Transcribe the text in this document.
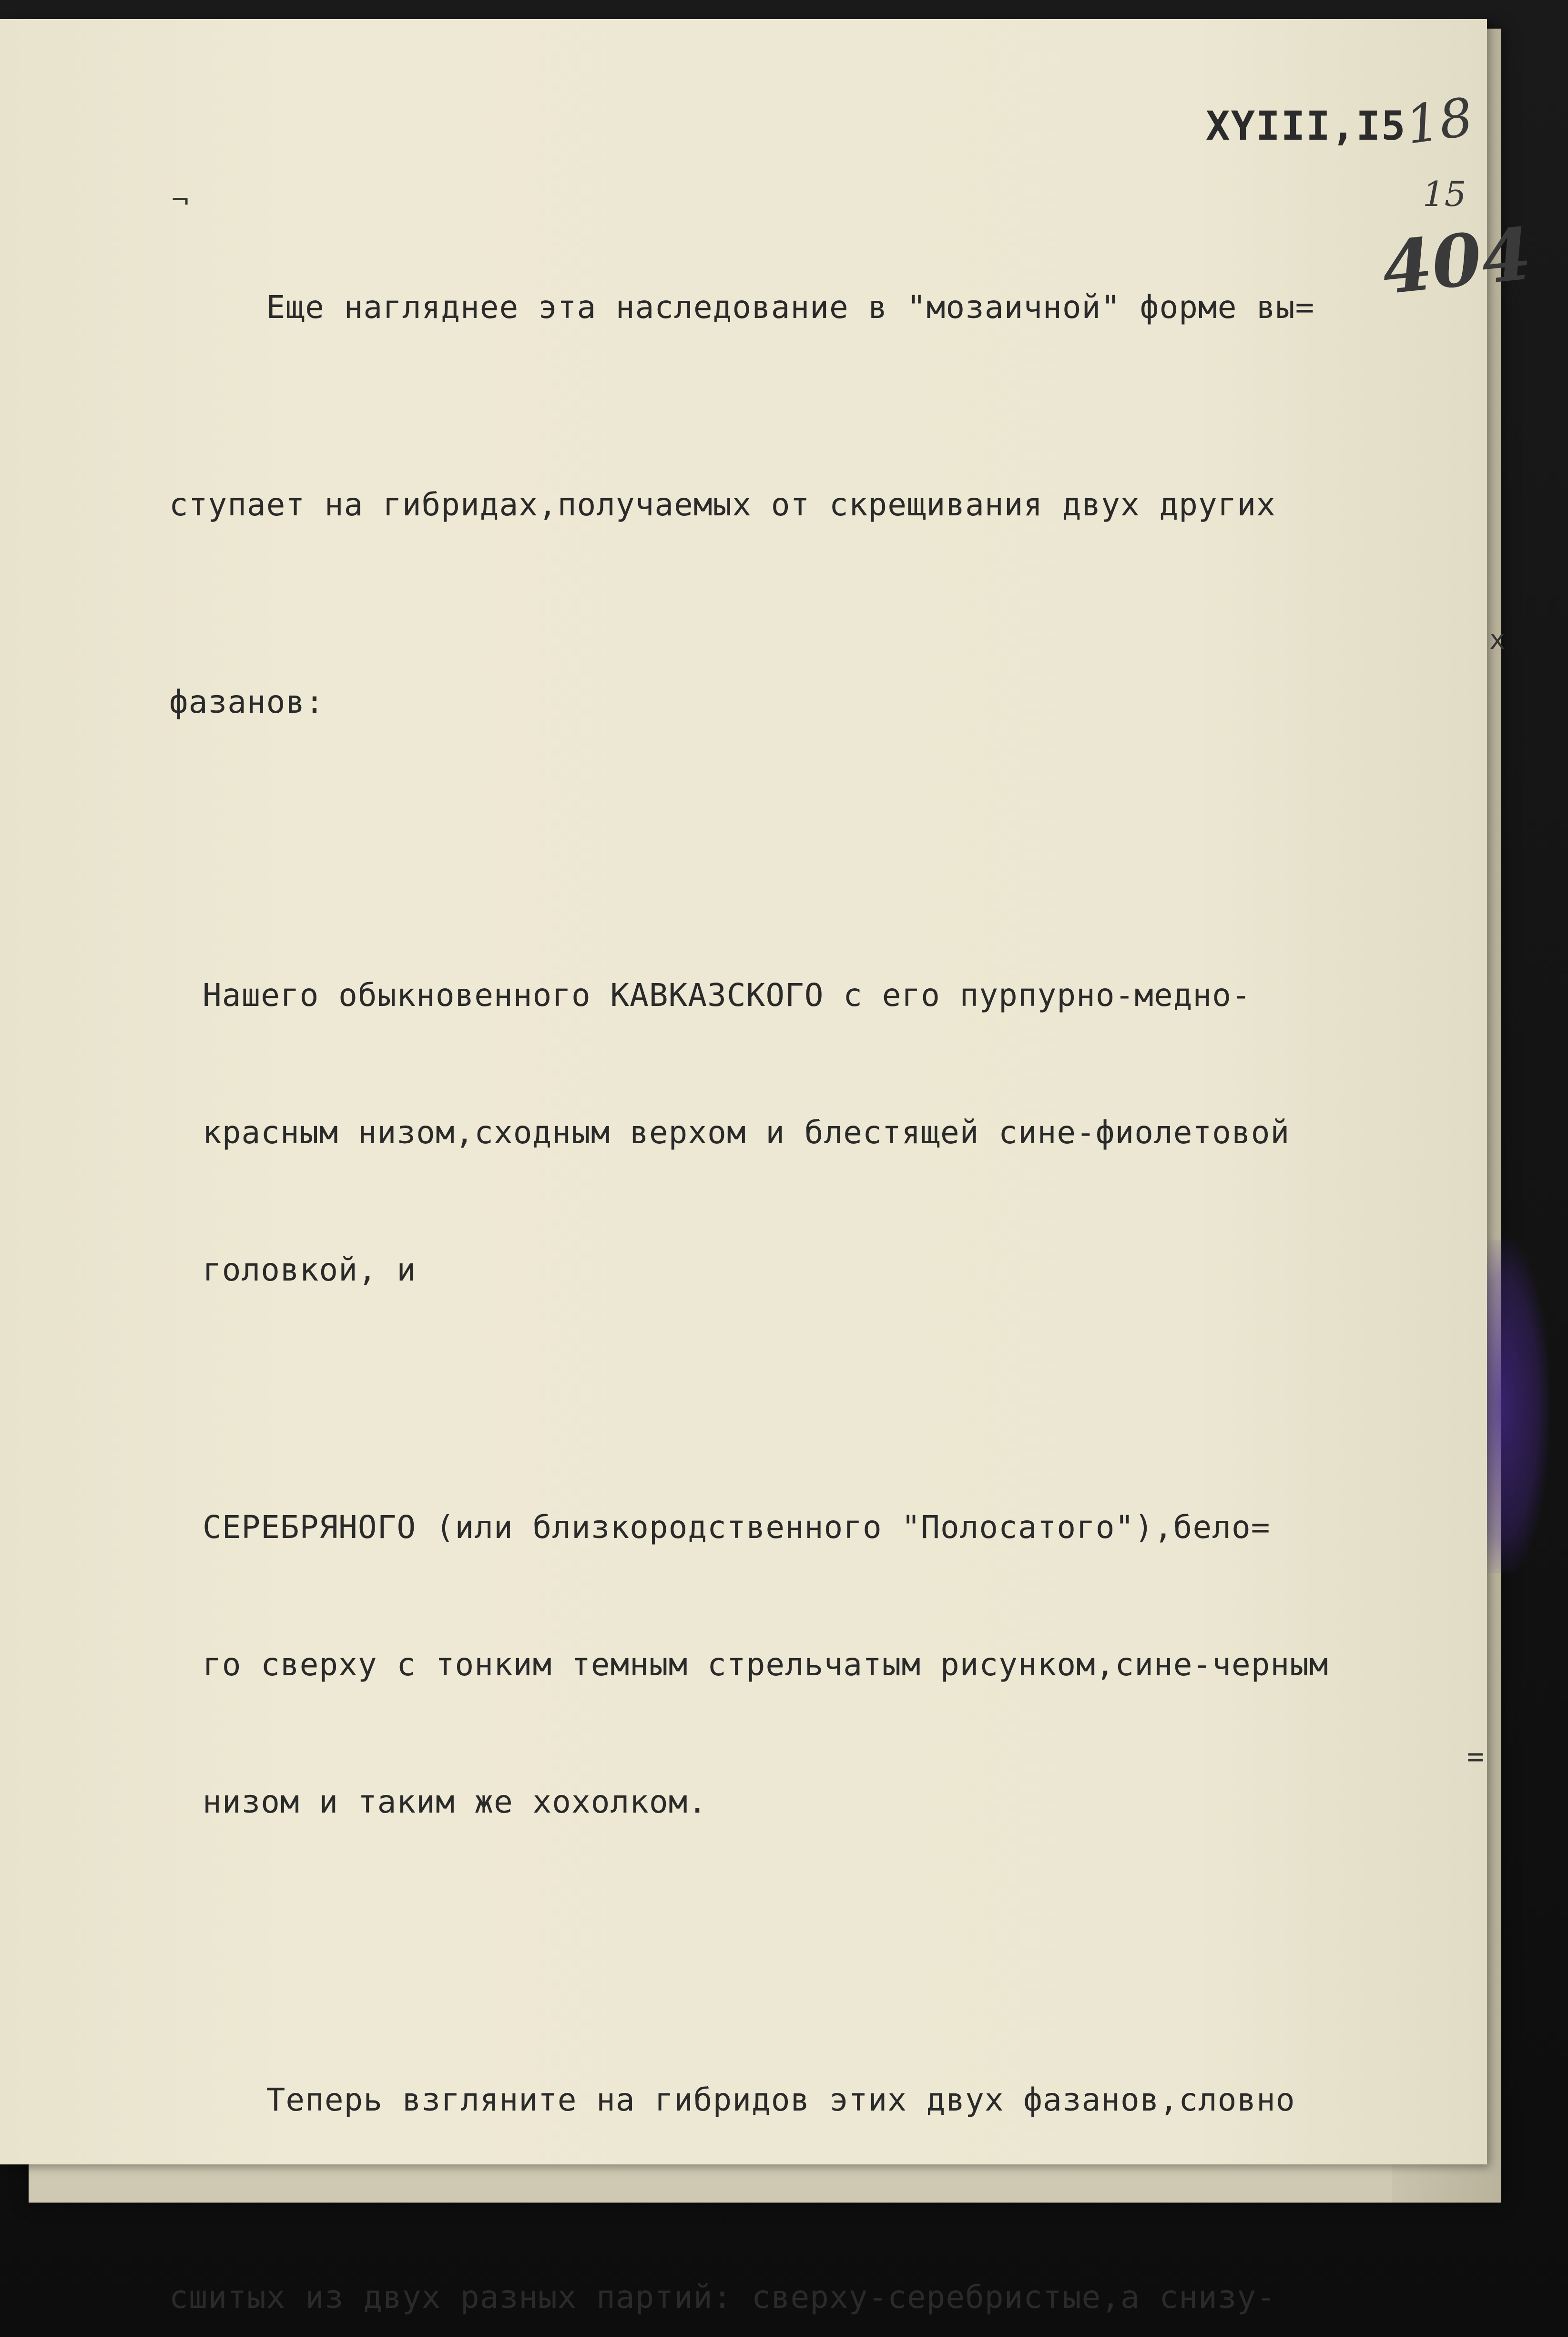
XYIII,I5
18
15
404
¬
x
=

Еще нагляднее эта наследование в "мозаичной" форме вы=

ступает на гибридах,получаемых от скрещивания двух других

фазанов:

Нашего обыкновенного КАВКАЗСКОГО с его пурпурно-медно-

красным низом,сходным верхом и блестящей сине-фиолетовой

головкой, и

СЕРЕБРЯНОГО (или близкородственного "Полосатого"),бело=

го сверху с тонким темным стрельчатым рисунком,сине-черным

низом и таким же хохолком.

Теперь взгляните на гибридов этих двух фазанов,словно

сшитых из двух разных партий: сверху-серебристые,а снизу-
